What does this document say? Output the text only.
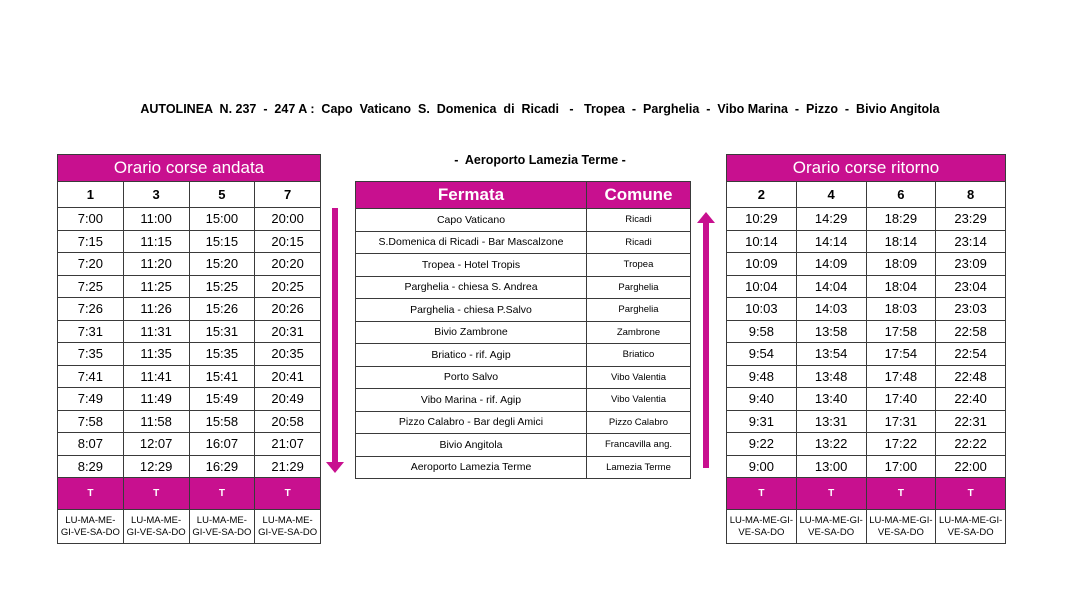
AUTOLINEA  N. 237  -  247 A :  Capo  Vaticano  S.  Domenica  di  Ricadi   -   Tropea  -  Parghelia  -  Vibo Marina  -  Pizzo  -  Bivio Angitola

-  Aeroporto Lamezia Terme -

Orario corse andata			
1	3	5	7
7:00	11:00	15:00	20:00
7:15	11:15	15:15	20:15
7:20	11:20	15:20	20:20
7:25	11:25	15:25	20:25
7:26	11:26	15:26	20:26
7:31	11:31	15:31	20:31
7:35	11:35	15:35	20:35
7:41	11:41	15:41	20:41
7:49	11:49	15:49	20:49
7:58	11:58	15:58	20:58
8:07	12:07	16:07	21:07
8:29	12:29	16:29	21:29
T	T	T	T
LU-MA-ME-GI-VE-SA-DO	LU-MA-ME-GI-VE-SA-DO	LU-MA-ME-GI-VE-SA-DO	LU-MA-ME-GI-VE-SA-DO
Fermata	Comune
Capo Vaticano	Ricadi
S.Domenica di Ricadi - Bar Mascalzone	Ricadi
Tropea - Hotel Tropis	Tropea
Parghelia - chiesa S. Andrea	Parghelia
Parghelia - chiesa P.Salvo	Parghelia
Bivio Zambrone	Zambrone
Briatico - rif. Agip	Briatico
Porto Salvo	Vibo Valentia
Vibo Marina - rif. Agip	Vibo Valentia
Pizzo Calabro - Bar degli Amici	Pizzo Calabro
Bivio Angitola	Francavilla ang.
Aeroporto Lamezia Terme	Lamezia Terme
Orario corse ritorno			
2	4	6	8
10:29	14:29	18:29	23:29
10:14	14:14	18:14	23:14
10:09	14:09	18:09	23:09
10:04	14:04	18:04	23:04
10:03	14:03	18:03	23:03
9:58	13:58	17:58	22:58
9:54	13:54	17:54	22:54
9:48	13:48	17:48	22:48
9:40	13:40	17:40	22:40
9:31	13:31	17:31	22:31
9:22	13:22	17:22	22:22
9:00	13:00	17:00	22:00
T	T	T	T
LU-MA-ME-GI-VE-SA-DO	LU-MA-ME-GI-VE-SA-DO	LU-MA-ME-GI-VE-SA-DO	LU-MA-ME-GI-VE-SA-DO
